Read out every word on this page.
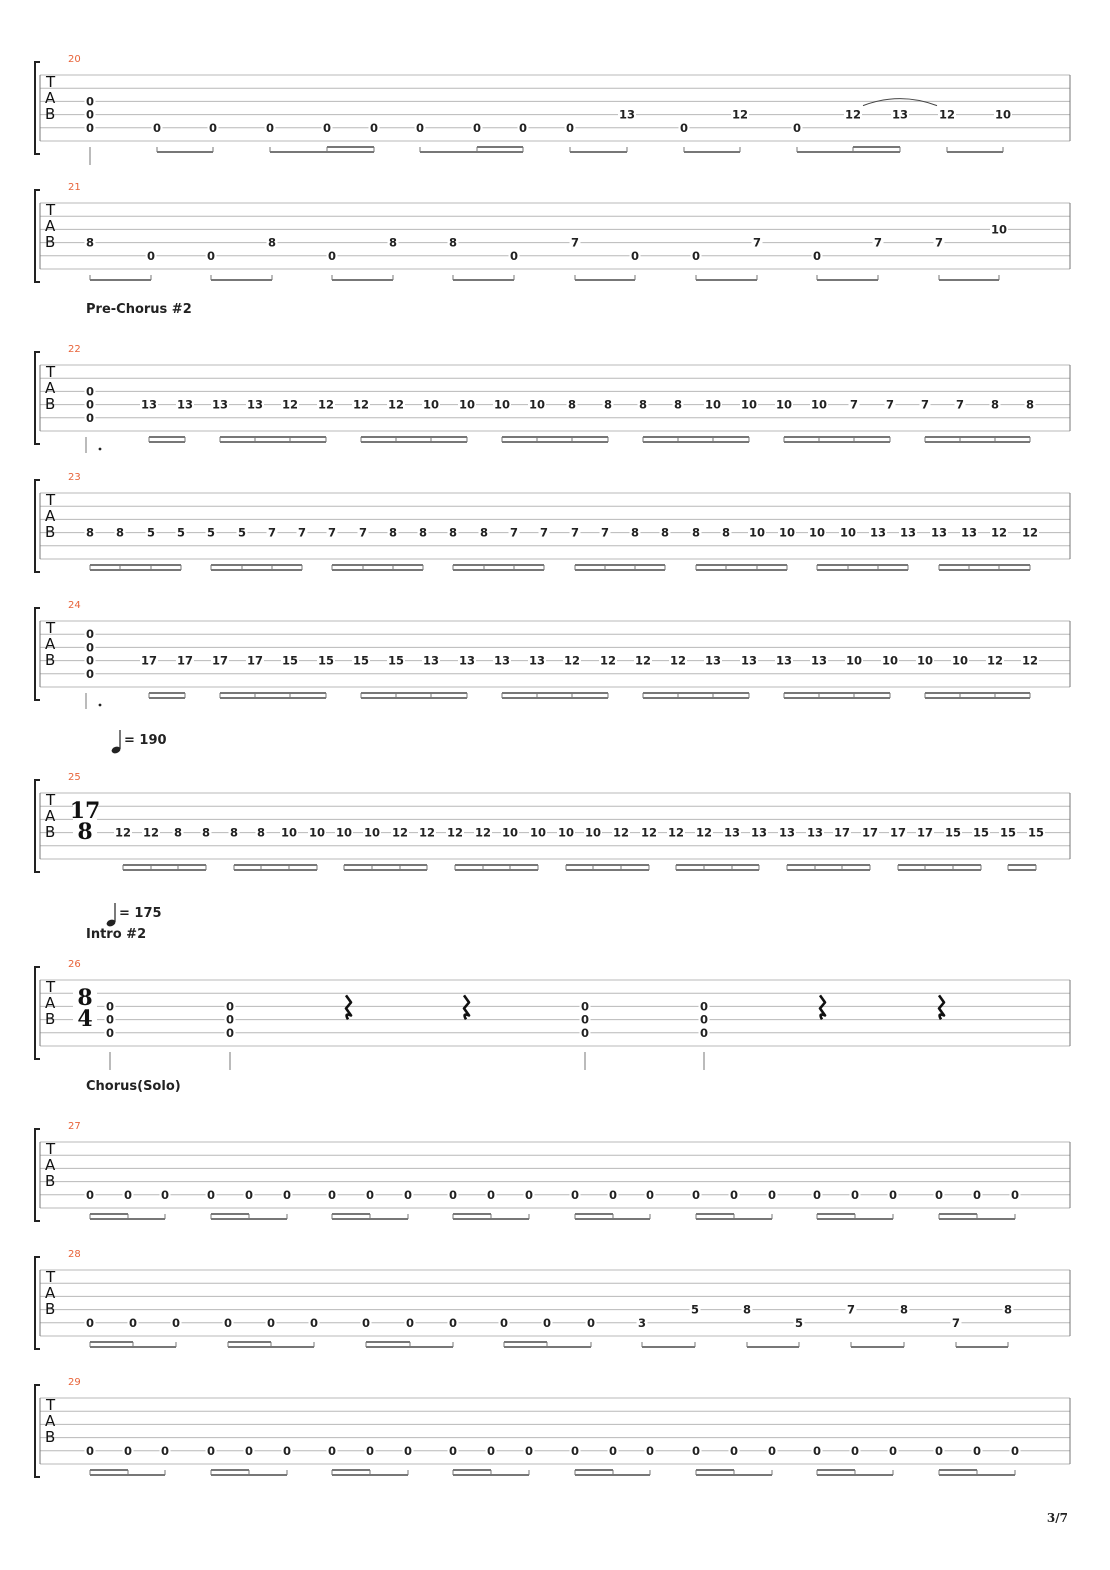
20
T
A
B
0
0
0	0	0	0	0	0	0	0	0	0
13
0
12
0
12	13	12	10
21
T
A
B	8
0	0
8
0
8	8
0
7
0	0
7
0
7	7
10
22
Pre-Chorus #2
T
A
B
0
0
0
13 13 13 13 12 12 12 12 10 10 10 10 8 8 8 8 10 10 10 10 7 7 7 7 8 8
23
T
A
B	8 8 5 5 5 5 7 7 7 7 8 8 8 8 7 7 7 7 8 8 8 8 10 10 10 10 13 13 13 13 12 12
24
T
A
B
0
0
0
0
17 17 17 17 15 15 15 15 13 13 13 13 12 12 12 12 13 13 13 13 10 10 10 10 12 12
25
= 190
T
A
B
17
8 12 12 8 8 8 8 10 10 10 10 12 12 12 12 10 10 10 10 12 12 12 12 13 13 13 13 17 17 17 17 15 15 15 15
26
Intro #2
= 175
T
A
B
8
4 0
0
0
0
0
0
0
0
0
0
0
0
27
Chorus(Solo)
T
A
B
0	0	0	0	0	0	0	0	0	0	0	0	0	0	0	0	0	0	0	0	0	0	0	0
28
T
A
B
0	0	0	0	0	0	0	0	0	0	0	0	3
5	8
5
7	8
7
8
29
T
A
B
0	0	0	0	0	0	0	0	0	0	0	0	0	0	0	0	0	0	0	0	0	0	0	0
3/7
